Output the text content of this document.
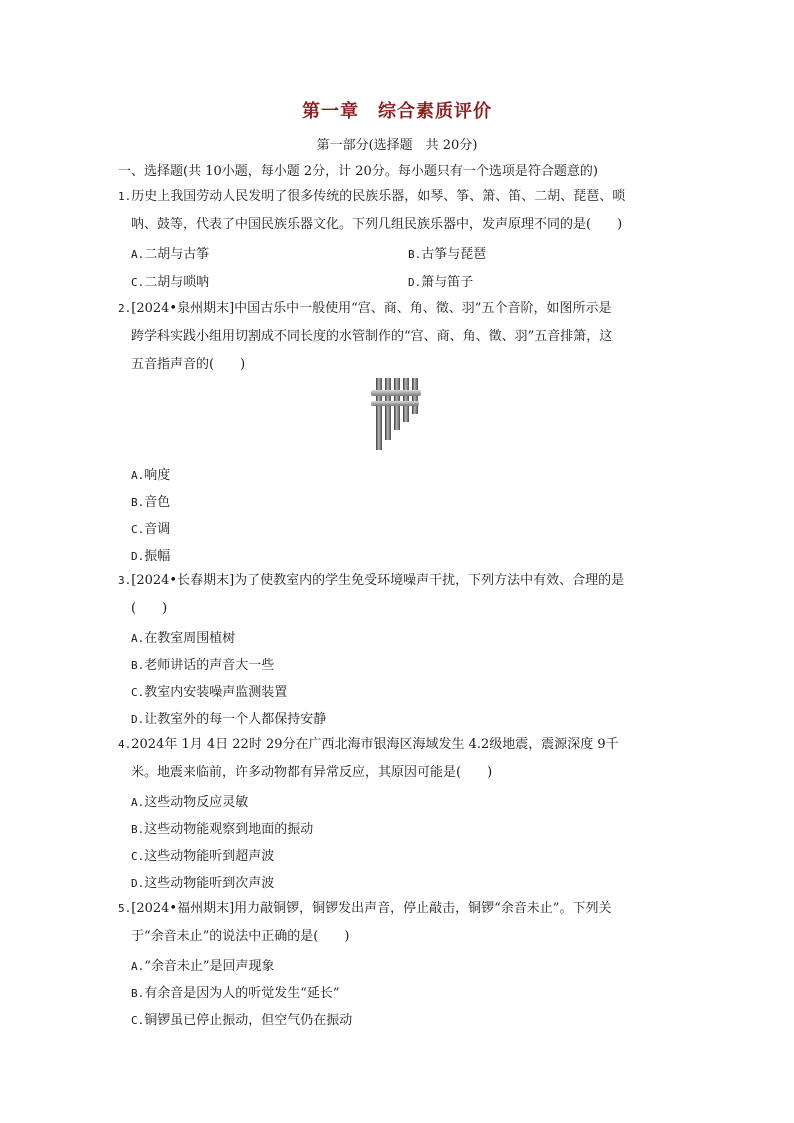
第一章　综合素质评价
第一部分(选择题　共 20分)
一、选择题(共 10小题，每小题 2分，计 20分。每小题只有一个选项是符合题意的)
1.历史上我国劳动人民发明了很多传统的民族乐器，如琴、筝、箫、笛、二胡、琵琶、唢
呐、鼓等，代表了中国民族乐器文化。下列几组民族乐器中，发声原理不同的是(　　)
A.二胡与古筝	B.古筝与琵琶
C.二胡与唢呐	D.箫与笛子
2.[2024•泉州期末]中国古乐中一般使用“宫、商、角、徵、羽”五个音阶，如图所示是
跨学科实践小组用切割成不同长度的水管制作的“宫、商、角、徵、羽”五音排箫，这
五音指声音的(　　)
A.响度
B.音色
C.音调
D.振幅
3.[2024•长春期末]为了使教室内的学生免受环境噪声干扰，下列方法中有效、合理的是
(　　)
A.在教室周围植树
B.老师讲话的声音大一些
C.教室内安装噪声监测装置
D.让教室外的每一个人都保持安静
4.2024年 1月 4日 22时 29分在广西北海市银海区海域发生 4.2级地震，震源深度 9千
米。地震来临前，许多动物都有异常反应，其原因可能是(　　)
A.这些动物反应灵敏
B.这些动物能观察到地面的振动
C.这些动物能听到超声波
D.这些动物能听到次声波
5.[2024•福州期末]用力敲铜锣，铜锣发出声音，停止敲击，铜锣“余音未止”。下列关
于“余音未止”的说法中正确的是(　　)
A.“余音未止”是回声现象
B.有余音是因为人的听觉发生“延长”
C.铜锣虽已停止振动，但空气仍在振动
